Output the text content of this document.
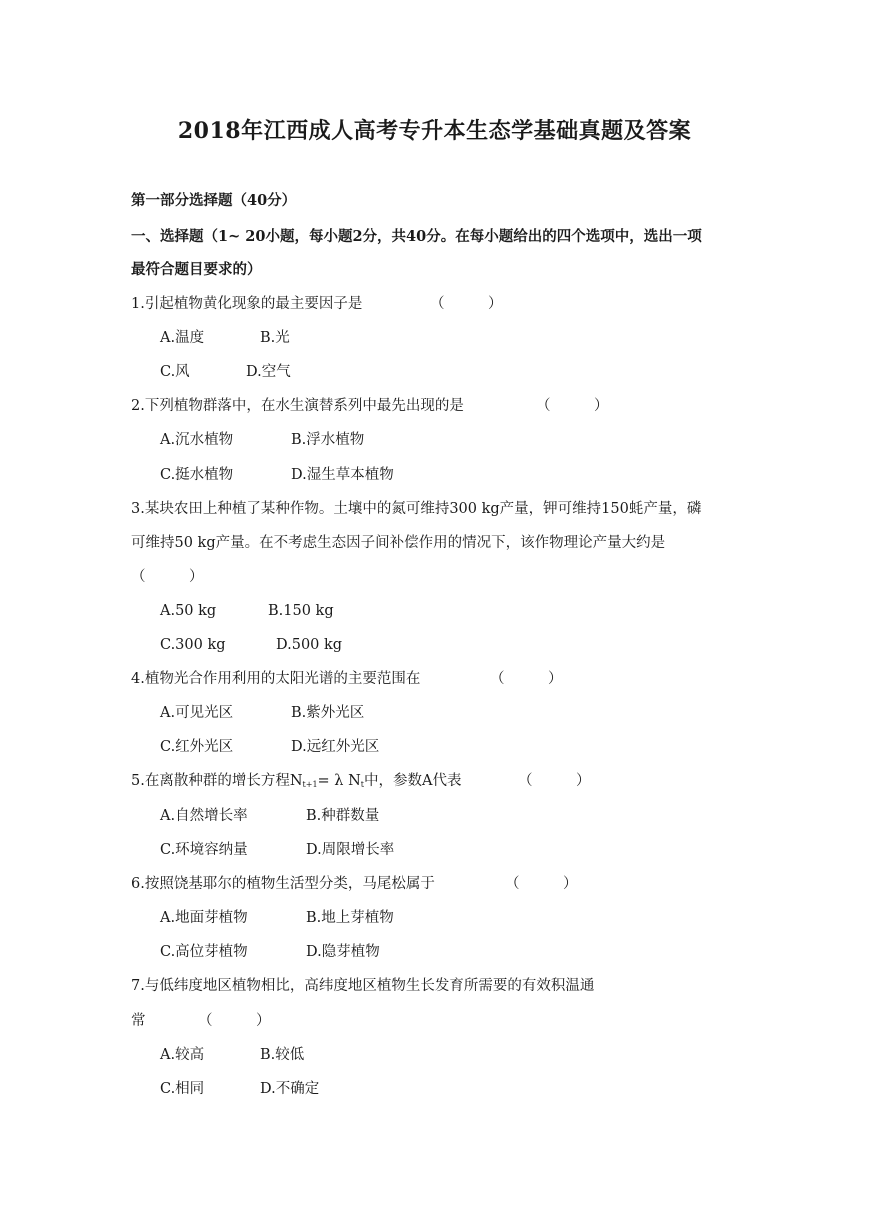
2018年江西成人高考专升本生态学基础真题及答案
第一部分选择题（40分）
一、选择题（1~ 20小题，每小题2分，共40分。在每小题给出的四个选项中，选出一项
最符合题目要求的）
1.引起植物黄化现象的最主要因子是	（　　　）
A.温度	B.光
C.风	D.空气
2.下列植物群落中，在水生演替系列中最先出现的是	（　　　）
A.沉水植物	B.浮水植物
C.挺水植物	D.湿生草本植物
3.某块农田上种植了某种作物。土壤中的氮可维持300 kg产量，钾可维持150蚝产量，磷
可维持50 kg产量。在不考虑生态因子间补偿作用的情况下，该作物理论产量大约是
（　　　）
A.50 kg	B.150 kg
C.300 kg	D.500 kg
4.植物光合作用利用的太阳光谱的主要范围在	（　　　）
A.可见光区	B.紫外光区
C.红外光区	D.远红外光区
5.在离散种群的增长方程$N_{t+1}= \lambda$ $N_t$中，参数A代表	（　　　）
A.自然增长率	B.种群数量
C.环境容纳量	D.周限增长率
6.按照饶基耶尔的植物生活型分类，马尾松属于	（　　　）
A.地面芽植物	B.地上芽植物
C.高位芽植物	D.隐芽植物
7.与低纬度地区植物相比，高纬度地区植物生长发育所需要的有效积温通
常	（　　　）
A.较高	B.较低
C.相同	D.不确定
